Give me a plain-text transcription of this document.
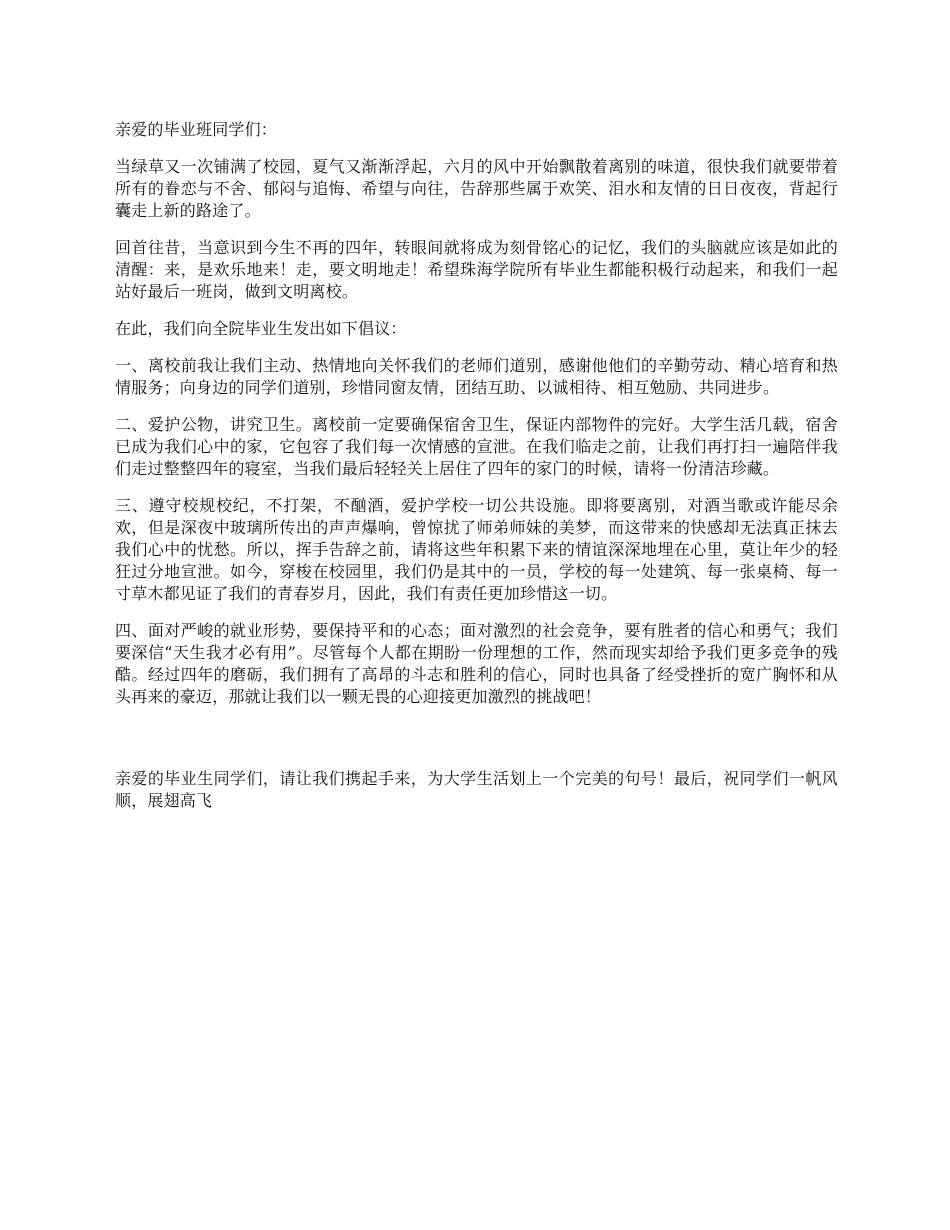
亲爱的毕业班同学们：

当绿草又一次铺满了校园，夏气又渐渐浮起，六月的风中开始飘散着离别的味道，很快我们就要带着所有的眷恋与不舍、郁闷与追悔、希望与向往，告辞那些属于欢笑、泪水和友情的日日夜夜，背起行囊走上新的路途了。

回首往昔，当意识到今生不再的四年，转眼间就将成为刻骨铭心的记忆，我们的头脑就应该是如此的清醒：来，是欢乐地来！走，要文明地走！希望珠海学院所有毕业生都能积极行动起来，和我们一起站好最后一班岗，做到文明离校。

在此，我们向全院毕业生发出如下倡议：

一、离校前我让我们主动、热情地向关怀我们的老师们道别，感谢他他们的辛勤劳动、精心培育和热情服务；向身边的同学们道别，珍惜同窗友情，团结互助、以诚相待、相互勉励、共同进步。

二、爱护公物，讲究卫生。离校前一定要确保宿舍卫生，保证内部物件的完好。大学生活几载，宿舍已成为我们心中的家，它包容了我们每一次情感的宣泄。在我们临走之前，让我们再打扫一遍陪伴我们走过整整四年的寝室，当我们最后轻轻关上居住了四年的家门的时候，请将一份清洁珍藏。

三、遵守校规校纪，不打架，不酗酒，爱护学校一切公共设施。即将要离别，对酒当歌或许能尽余欢，但是深夜中玻璃所传出的声声爆响，曾惊扰了师弟师妹的美梦，而这带来的快感却无法真正抹去我们心中的忧愁。所以，挥手告辞之前，请将这些年积累下来的情谊深深地埋在心里，莫让年少的轻狂过分地宣泄。如今，穿梭在校园里，我们仍是其中的一员，学校的每一处建筑、每一张桌椅、每一寸草木都见证了我们的青春岁月，因此，我们有责任更加珍惜这一切。

四、面对严峻的就业形势，要保持平和的心态；面对激烈的社会竞争，要有胜者的信心和勇气；我们要深信“天生我才必有用”。尽管每个人都在期盼一份理想的工作，然而现实却给予我们更多竞争的残酷。经过四年的磨砺，我们拥有了高昂的斗志和胜利的信心，同时也具备了经受挫折的宽广胸怀和从头再来的豪迈，那就让我们以一颗无畏的心迎接更加激烈的挑战吧！

亲爱的毕业生同学们，请让我们携起手来，为大学生活划上一个完美的句号！最后，祝同学们一帆风顺，展翅高飞
